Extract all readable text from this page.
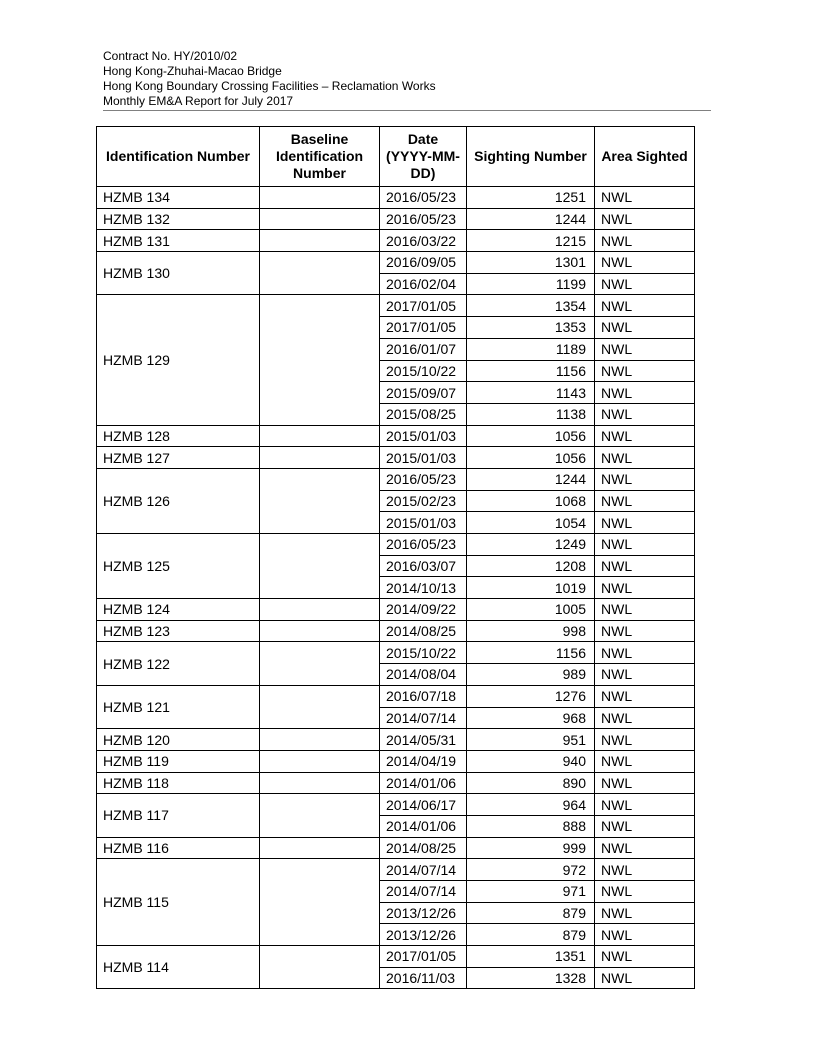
Contract No. HY/2010/02
Hong Kong-Zhuhai-Macao Bridge
Hong Kong Boundary Crossing Facilities – Reclamation Works
Monthly EM&A Report for July 2017
Identification Number	Baseline Identification Number	Date (YYYY-MM-DD)	Sighting Number	Area Sighted
HZMB 134		2016/05/23	1251	NWL
HZMB 132		2016/05/23	1244	NWL
HZMB 131		2016/03/22	1215	NWL
HZMB 130		2016/09/05	1301	NWL
		2016/02/04	1199	NWL
HZMB 129		2017/01/05	1354	NWL
		2017/01/05	1353	NWL
		2016/01/07	1189	NWL
		2015/10/22	1156	NWL
		2015/09/07	1143	NWL
		2015/08/25	1138	NWL
HZMB 128		2015/01/03	1056	NWL
HZMB 127		2015/01/03	1056	NWL
HZMB 126		2016/05/23	1244	NWL
		2015/02/23	1068	NWL
		2015/01/03	1054	NWL
HZMB 125		2016/05/23	1249	NWL
		2016/03/07	1208	NWL
		2014/10/13	1019	NWL
HZMB 124		2014/09/22	1005	NWL
HZMB 123		2014/08/25	998	NWL
HZMB 122		2015/10/22	1156	NWL
		2014/08/04	989	NWL
HZMB 121		2016/07/18	1276	NWL
		2014/07/14	968	NWL
HZMB 120		2014/05/31	951	NWL
HZMB 119		2014/04/19	940	NWL
HZMB 118		2014/01/06	890	NWL
HZMB 117		2014/06/17	964	NWL
		2014/01/06	888	NWL
HZMB 116		2014/08/25	999	NWL
HZMB 115		2014/07/14	972	NWL
		2014/07/14	971	NWL
		2013/12/26	879	NWL
		2013/12/26	879	NWL
HZMB 114		2017/01/05	1351	NWL
		2016/11/03	1328	NWL
